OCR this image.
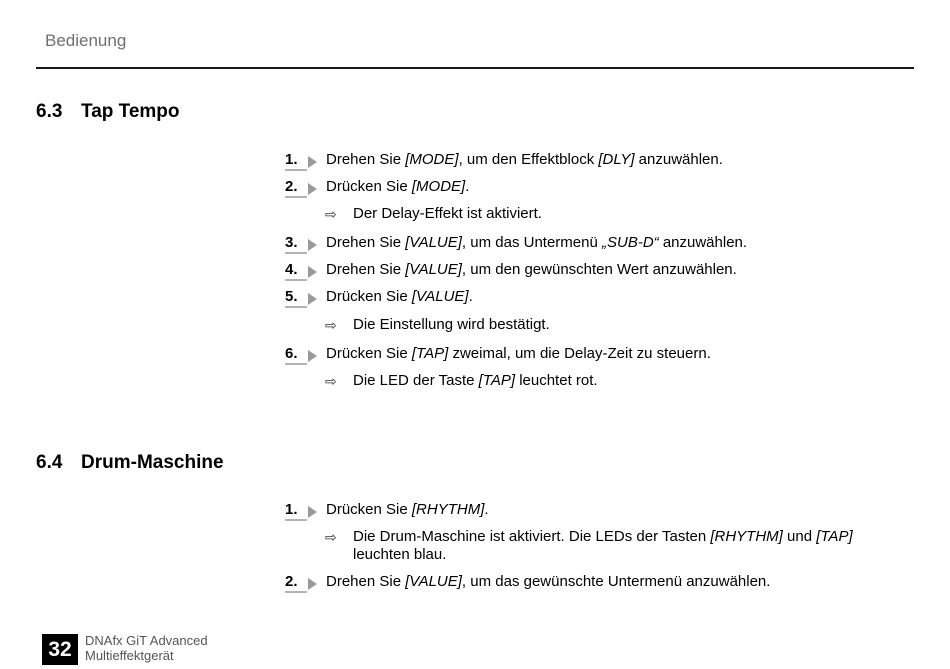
Bedienung
6.3 Tap Tempo
1.	Drehen Sie [MODE], um den Effektblock [DLY] anzuwählen.
2.	Drücken Sie [MODE].
⇨ Der Delay-Effekt ist aktiviert.
3.	Drehen Sie [VALUE], um das Untermenü „SUB-D“ anzuwählen.
4.	Drehen Sie [VALUE], um den gewünschten Wert anzuwählen.
5.	Drücken Sie [VALUE].
⇨ Die Einstellung wird bestätigt.
6.	Drücken Sie [TAP] zweimal, um die Delay-Zeit zu steuern.
⇨ Die LED der Taste [TAP] leuchtet rot.
6.4 Drum-Maschine
1.	Drücken Sie [RHYTHM].
⇨ Die Drum-Maschine ist aktiviert. Die LEDs der Tasten [RHYTHM] und [TAP] leuchten blau.
2.	Drehen Sie [VALUE], um das gewünschte Untermenü anzuwählen.
32	DNAfx GiT Advanced
Multieffektgerät
